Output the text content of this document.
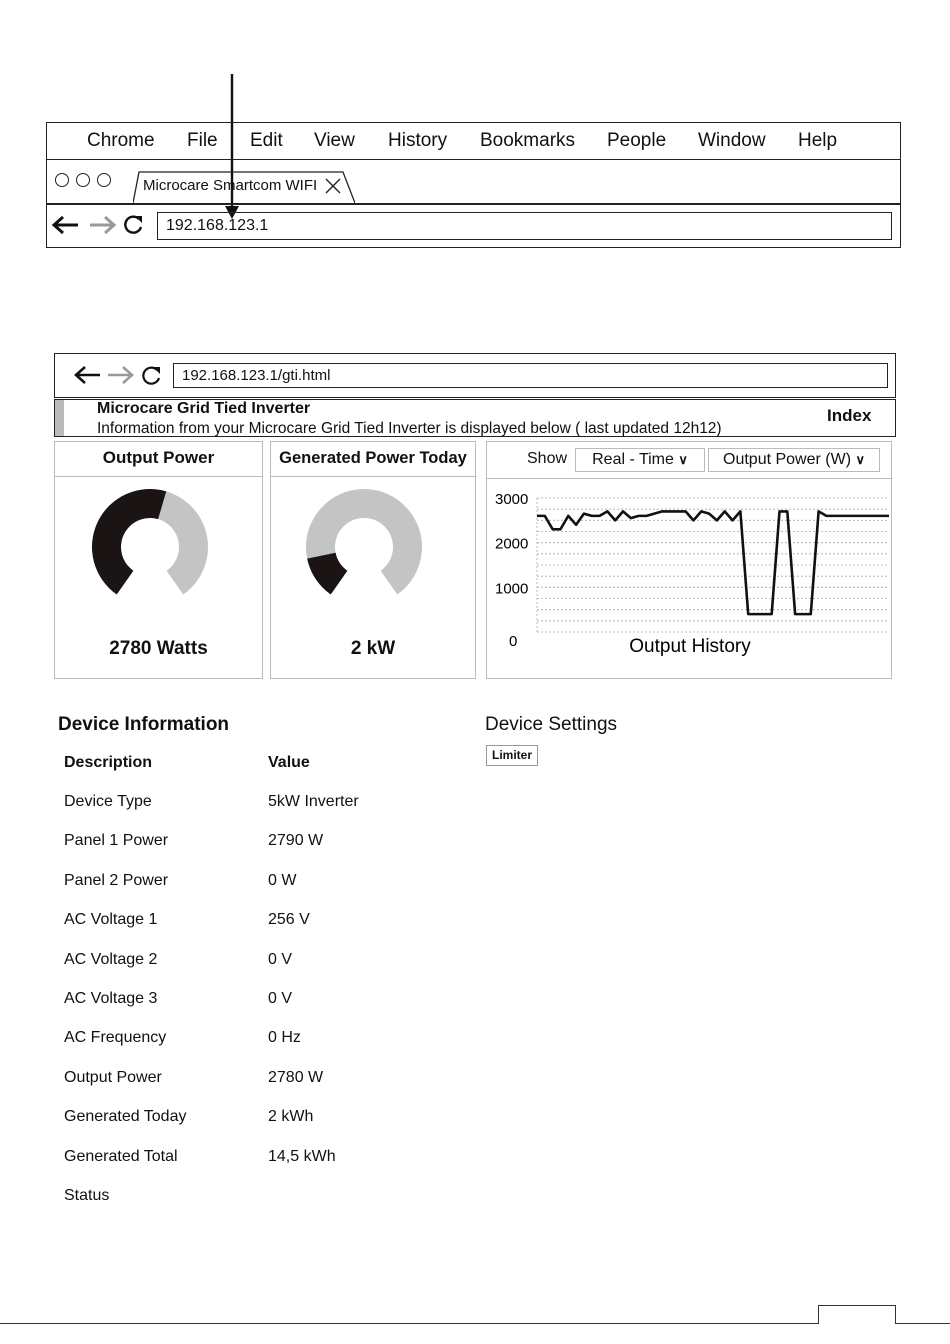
Chrome File Edit View History Bookmarks People Window Help
Microcare Smartcom WIFI
192.168.123.1
192.168.123.1/gti.html
Microcare Grid Tied Inverter
Information from your Microcare Grid Tied Inverter is displayed below ( last updated 12h12)
Index
Output Power
2780 Watts
Generated Power Today
2 kW
Show	Real - Time ∨	Output Power (W) ∨
3000
2000
1000
0	Output History
Device Information
Description	Value
Device Type	5kW Inverter
Panel 1 Power	2790 W
Panel 2 Power	0 W
AC Voltage 1	256 V
AC Voltage 2	0 V
AC Voltage 3	0 V
AC Frequency	0 Hz
Output Power	2780 W
Generated Today	2 kWh
Generated Total	14,5 kWh
Status
Device Settings
Limiter
